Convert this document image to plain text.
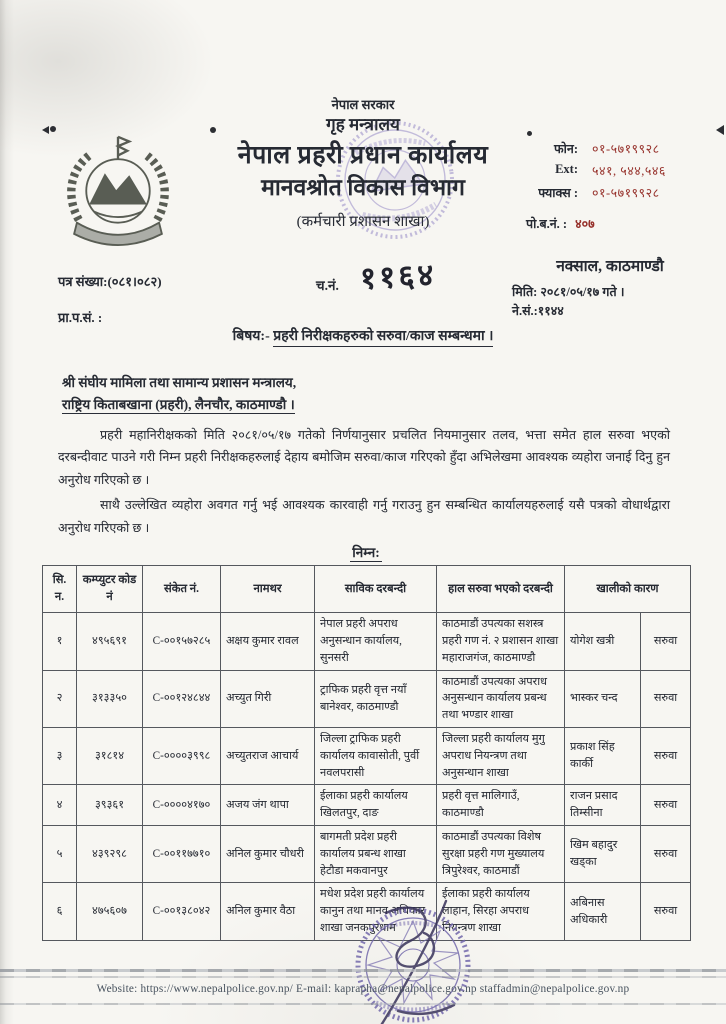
नेपाल सरकार
गृह मन्त्रालय
नेपाल प्रहरी प्रधान कार्यालय
मानवश्रोत विकास विभाग
(कर्मचारी प्रशासन शाखा)
फोन: ०१-५७१९९२८
Ext: ५४१, ५४४,५४६
फ्याक्स : ०१-५७१९९२८
पो.ब.नं. : ४०७
नक्साल, काठमाण्डौ
मिति: २०८१/०५/१७ गते ।
ने.सं.:११४४
पत्र संख्या:(०८१।०८२)
प्रा.प.सं. :
च.नं. ११६४
बिषय:- प्रहरी निरीक्षकहरुको सरुवा/काज सम्बन्धमा ।
श्री संघीय मामिला तथा सामान्य प्रशासन मन्त्रालय,
राष्ट्रिय किताबखाना (प्रहरी), लैनचौर, काठमाण्डौ ।

प्रहरी महानिरीक्षकको मिति २०८१/०५/१७ गतेको निर्णयानुसार प्रचलित नियमानुसार तलव, भत्ता समेत हाल सरुवा भएको दरबन्दीवाट पाउने गरी निम्न प्रहरी निरीक्षकहरुलाई देहाय बमोजिम सरुवा/काज गरिएको हुँदा अभिलेखमा आवश्यक व्यहोरा जनाई दिनु हुन अनुरोध गरिएको छ ।

साथै उल्लेखित व्यहोरा अवगत गर्नु भई आवश्यक कारवाही गर्नु गराउनु हुन सम्बन्धित कार्यालयहरुलाई यसै पत्रको वोधार्थद्वारा अनुरोध गरिएको छ ।

निम्न:
सि. न.	कम्प्युटर कोड नं	संकेत नं.	नामथर	साविक दरबन्दी	हाल सरुवा भएको दरबन्दी	खालीको कारण	
१	४९५६९१	C-००१५७२८५	अक्षय कुमार रावल	नेपाल प्रहरी अपराध अनुसन्धान कार्यालय, सुनसरी	काठमाडौं उपत्यका सशस्त्र प्रहरी गण नं. २ प्रशासन शाखा महाराजगंज, काठमाण्डौ	योगेश खत्री	सरुवा
२	३१३३५०	C-००१२४८४४	अच्युत गिरी	ट्राफिक प्रहरी वृत्त नयाँ बानेश्वर, काठमाण्डौ	काठमाडौं उपत्यका अपराध अनुसन्धान कार्यालय प्रबन्ध तथा भण्डार शाखा	भास्कर चन्द	सरुवा
३	३१८१४	C-००००३९९८	अच्युतराज आचार्य	जिल्ला ट्राफिक प्रहरी कार्यालय कावासोती, पुर्वी नवलपरासी	जिल्ला प्रहरी कार्यालय मुगु अपराध नियन्त्रण तथा अनुसन्धान शाखा	प्रकाश सिंह कार्की	सरुवा
४	३९३६१	C-००००४१७०	अजय जंग थापा	ईलाका प्रहरी कार्यालय खिलतपुर, दाङ	प्रहरी वृत्त मालिगाउँ, काठमाण्डौ	राजन प्रसाद तिम्सीना	सरुवा
५	४३९२९८	C-००११७७१०	अनिल कुमार चौधरी	बागमती प्रदेश प्रहरी कार्यालय प्रबन्ध शाखा हेटौडा मकवानपुर	काठमाडौं उपत्यका विशेष सुरक्षा प्रहरी गण मुख्यालय त्रिपुरेश्वर, काठमाडौं	खिम बहादुर खड्का	सरुवा
६	४७५६०७	C-००१३८०४२	अनिल कुमार वैठा	मधेश प्रदेश प्रहरी कार्यालय कानुन तथा मानव अधिकार शाखा जनकपुरधाम	ईलाका प्रहरी कार्यालय लाहान, सिरहा अपराध नियन्त्रण शाखा	अबिनास अधिकारी	सरुवा
Website: https://www.nepalpolice.gov.np/ E-mail: kaprapha@nepalpolice.gov.np staffadmin@nepalpolice.gov.np
